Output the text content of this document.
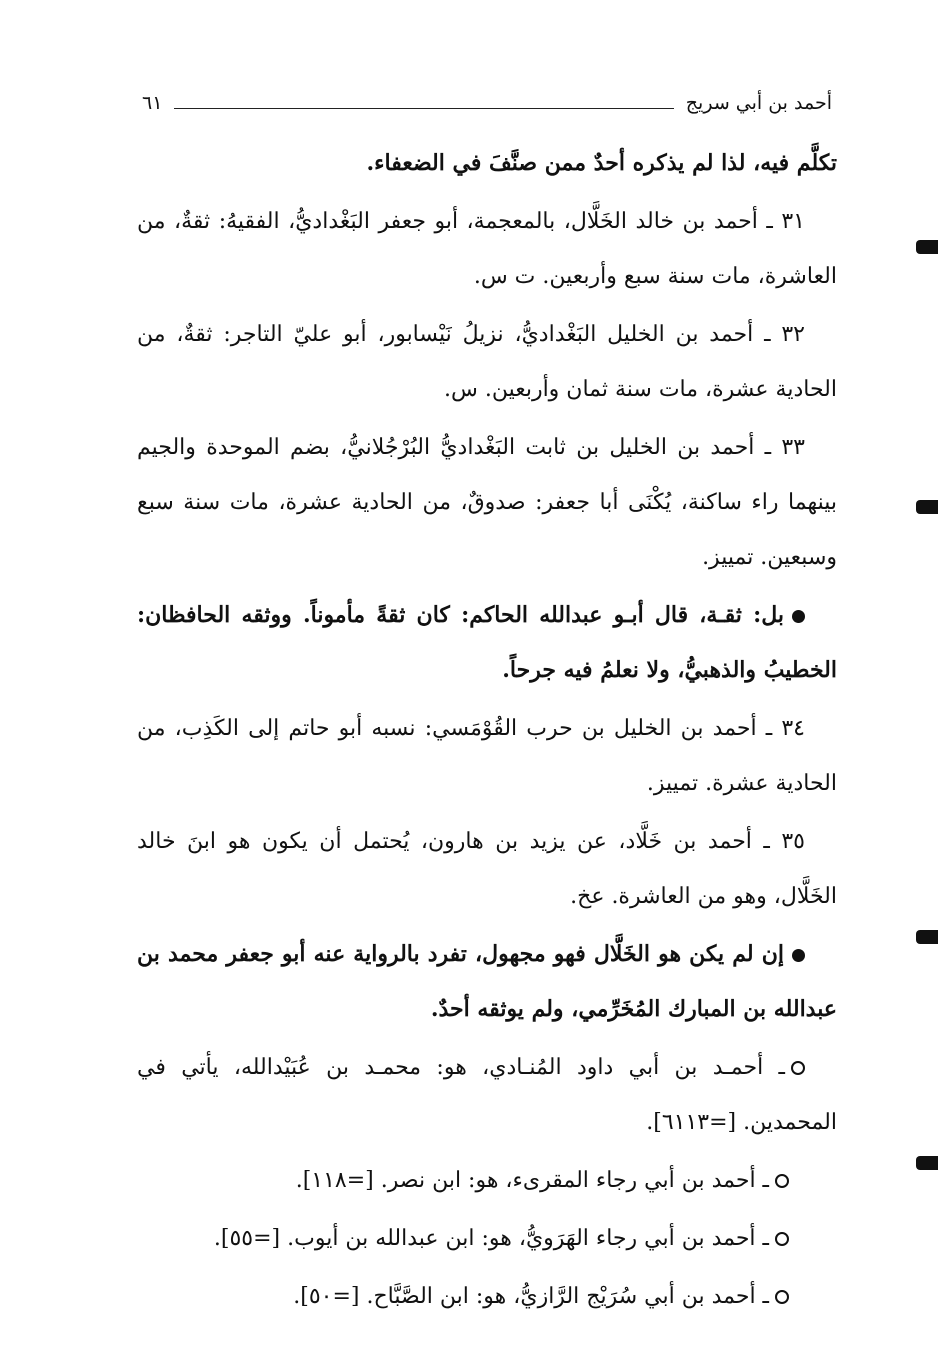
أحمد بن أبي سريج
٦١

تكلَّم فيه، لذا لم يذكره أحدٌ ممن صنَّفَ في الضعفاء.

٣١ ـ أحمد بن خالد الخَلَّال، بالمعجمة، أبو جعفر البَغْداديُّ، الفقيهُ: ثقةٌ، من العاشرة، مات سنة سبع وأربعين. ت س.

٣٢ ـ أحمد بن الخليل البَغْداديُّ، نزيلُ نَيْسابور، أبو عليّ التاجر: ثقةٌ، من الحادية عشرة، مات سنة ثمان وأربعين. س.

٣٣ ـ أحمد بن الخليل بن ثابت البَغْداديُّ البُرْجُلانيُّ، بضم الموحدة والجيم بينهما راء ساكنة، يُكْنَى أبا جعفر: صدوقٌ، من الحادية عشرة، مات سنة سبع وسبعين. تمييز.

بل: ثقـة، قال أبـو عبدالله الحاكم: كان ثقةً مأموناً. ووثقه الحافظان: الخطيبُ والذهبيُّ، ولا نعلمُ فيه جرحاً.

٣٤ ـ أحمد بن الخليل بن حرب القُوْمَسي: نسبه أبو حاتم إلى الكَذِب، من الحادية عشرة. تمييز.

٣٥ ـ أحمد بن خَلَّاد، عن يزيد بن هارون، يُحتمل أن يكون هو ابنَ خالد الخَلَّال، وهو من العاشرة. عخ.

إن لم يكن هو الخَلَّال فهو مجهول، تفرد بالرواية عنه أبو جعفر محمد بن عبدالله بن المبارك المُخَرِّمي، ولم يوثقه أحدٌ.

ـ أحمـد بن أبي داود المُنـادي، هو: محمـد بن عُبَيْدالله، يأتي في المحمدين. [=٦١١٣].

ـ أحمد بن أبي رجاء المقرىء، هو: ابن نصر. [=١١٨].

ـ أحمد بن أبي رجاء الهَرَويُّ، هو: ابن عبدالله بن أيوب. [=٥٥].

ـ أحمد بن أبي سُرَيْج الرَّازيُّ، هو: ابن الصَّبَّاح. [=٥٠].
